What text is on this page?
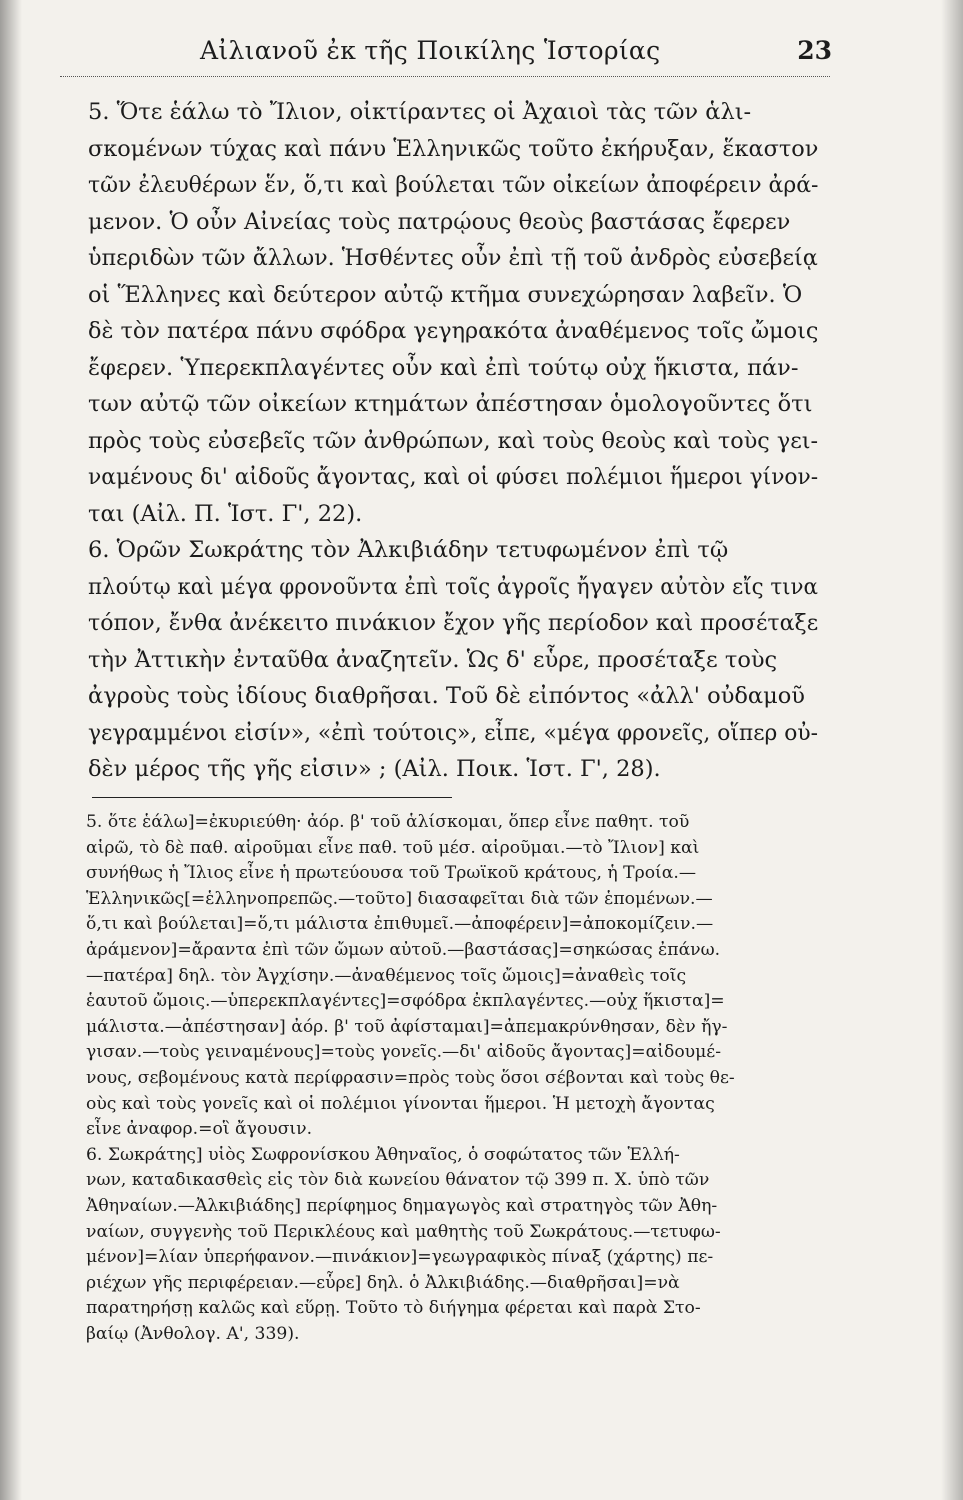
Αἰλιανοῦ ἐκ τῆς Ποικίλης Ἱστορίας	23
5. Ὅτε ἑάλω τὸ Ἴλιον, οἰκτίραντες οἱ Ἀχαιοὶ τὰς τῶν ἁλι-
σκομένων τύχας καὶ πάνυ Ἑλληνικῶς τοῦτο ἐκήρυξαν, ἕκαστον
τῶν ἐλευθέρων ἕν, ὅ,τι καὶ βούλεται τῶν οἰκείων ἀποφέρειν ἀρά-
μενον. Ὁ οὖν Αἰνείας τοὺς πατρῴους θεοὺς βαστάσας ἔφερεν
ὑπεριδὼν τῶν ἄλλων. Ἡσθέντες οὖν ἐπὶ τῇ τοῦ ἀνδρὸς εὐσεβείᾳ
οἱ Ἕλληνες καὶ δεύτερον αὐτῷ κτῆμα συνεχώρησαν λαβεῖν. Ὁ
δὲ τὸν πατέρα πάνυ σφόδρα γεγηρακότα ἀναθέμενος τοῖς ὤμοις
ἔφερεν. Ὑπερεκπλαγέντες οὖν καὶ ἐπὶ τούτῳ οὐχ ἥκιστα, πάν-
των αὐτῷ τῶν οἰκείων κτημάτων ἀπέστησαν ὁμολογοῦντες ὅτι
πρὸς τοὺς εὐσεβεῖς τῶν ἀνθρώπων, καὶ τοὺς θεοὺς καὶ τοὺς γει-
ναμένους δι' αἰδοῦς ἄγοντας, καὶ οἱ φύσει πολέμιοι ἥμεροι γίνον-
ται (Αἰλ. Π. Ἱστ. Γ', 22).
6. Ὁρῶν Σωκράτης τὸν Ἀλκιβιάδην τετυφωμένον ἐπὶ τῷ
πλούτῳ καὶ μέγα φρονοῦντα ἐπὶ τοῖς ἀγροῖς ἤγαγεν αὐτὸν εἴς τινα
τόπον, ἔνθα ἀνέκειτο πινάκιον ἔχον γῆς περίοδον καὶ προσέταξε
τὴν Ἀττικὴν ἐνταῦθα ἀναζητεῖν. Ὡς δ' εὗρε, προσέταξε τοὺς
ἀγροὺς τοὺς ἰδίους διαθρῆσαι. Τοῦ δὲ εἰπόντος «ἀλλ' οὐδαμοῦ
γεγραμμένοι εἰσίν», «ἐπὶ τούτοις», εἶπε, «μέγα φρονεῖς, οἵπερ οὐ-
δὲν μέρος τῆς γῆς εἰσιν» ; (Αἰλ. Ποικ. Ἱστ. Γ', 28).
5. ὅτε ἑάλω]=ἐκυριεύθη· ἀόρ. β' τοῦ ἁλίσκομαι, ὅπερ εἶνε παθητ. τοῦ
αἱρῶ, τὸ δὲ παθ. αἱροῦμαι εἶνε παθ. τοῦ μέσ. αἱροῦμαι.—τὸ Ἴλιον] καὶ
συνήθως ἡ Ἴλιος εἶνε ἡ πρωτεύουσα τοῦ Τρωϊκοῦ κράτους, ἡ Τροία.—
Ἑλληνικῶς[=ἑλληνοπρεπῶς.—τοῦτο] διασαφεῖται διὰ τῶν ἑπομένων.—
ὅ,τι καὶ βούλεται]=ὅ,τι μάλιστα ἐπιθυμεῖ.—ἀποφέρειν]=ἀποκομίζειν.—
ἀράμενον]=ἄραντα ἐπὶ τῶν ὤμων αὐτοῦ.—βαστάσας]=σηκώσας ἐπάνω.
—πατέρα] δηλ. τὸν Ἀγχίσην.—ἀναθέμενος τοῖς ὤμοις]=ἀναθεὶς τοῖς
ἑαυτοῦ ὤμοις.—ὑπερεκπλαγέντες]=σφόδρα ἐκπλαγέντες.—οὐχ ἥκιστα]=
μάλιστα.—ἀπέστησαν] ἀόρ. β' τοῦ ἀφίσταμαι]=ἀπεμακρύνθησαν, δὲν ἤγ-
γισαν.—τοὺς γειναμένους]=τοὺς γονεῖς.—δι' αἰδοῦς ἄγοντας]=αἰδουμέ-
νους, σεβομένους κατὰ περίφρασιν=πρὸς τοὺς ὅσοι σέβονται καὶ τοὺς θε-
οὺς καὶ τοὺς γονεῖς καὶ οἱ πολέμιοι γίνονται ἥμεροι. Ἡ μετοχὴ ἄγοντας
εἶνε ἀναφορ.=οἳ ἄγουσιν.
6. Σωκράτης] υἱὸς Σωφρονίσκου Ἀθηναῖος, ὁ σοφώτατος τῶν Ἑλλή-
νων, καταδικασθεὶς εἰς τὸν διὰ κωνείου θάνατον τῷ 399 π. Χ. ὑπὸ τῶν
Ἀθηναίων.—Ἀλκιβιάδης] περίφημος δημαγωγὸς καὶ στρατηγὸς τῶν Ἀθη-
ναίων, συγγενὴς τοῦ Περικλέους καὶ μαθητὴς τοῦ Σωκράτους.—τετυφω-
μένον]=λίαν ὑπερήφανον.—πινάκιον]=γεωγραφικὸς πίναξ (χάρτης) πε-
ριέχων γῆς περιφέρειαν.—εὗρε] δηλ. ὁ Ἀλκιβιάδης.—διαθρῆσαι]=νὰ
παρατηρήσῃ καλῶς καὶ εὕρῃ. Τοῦτο τὸ διήγημα φέρεται καὶ παρὰ Στο-
βαίῳ (Ἀνθολογ. Α', 339).
